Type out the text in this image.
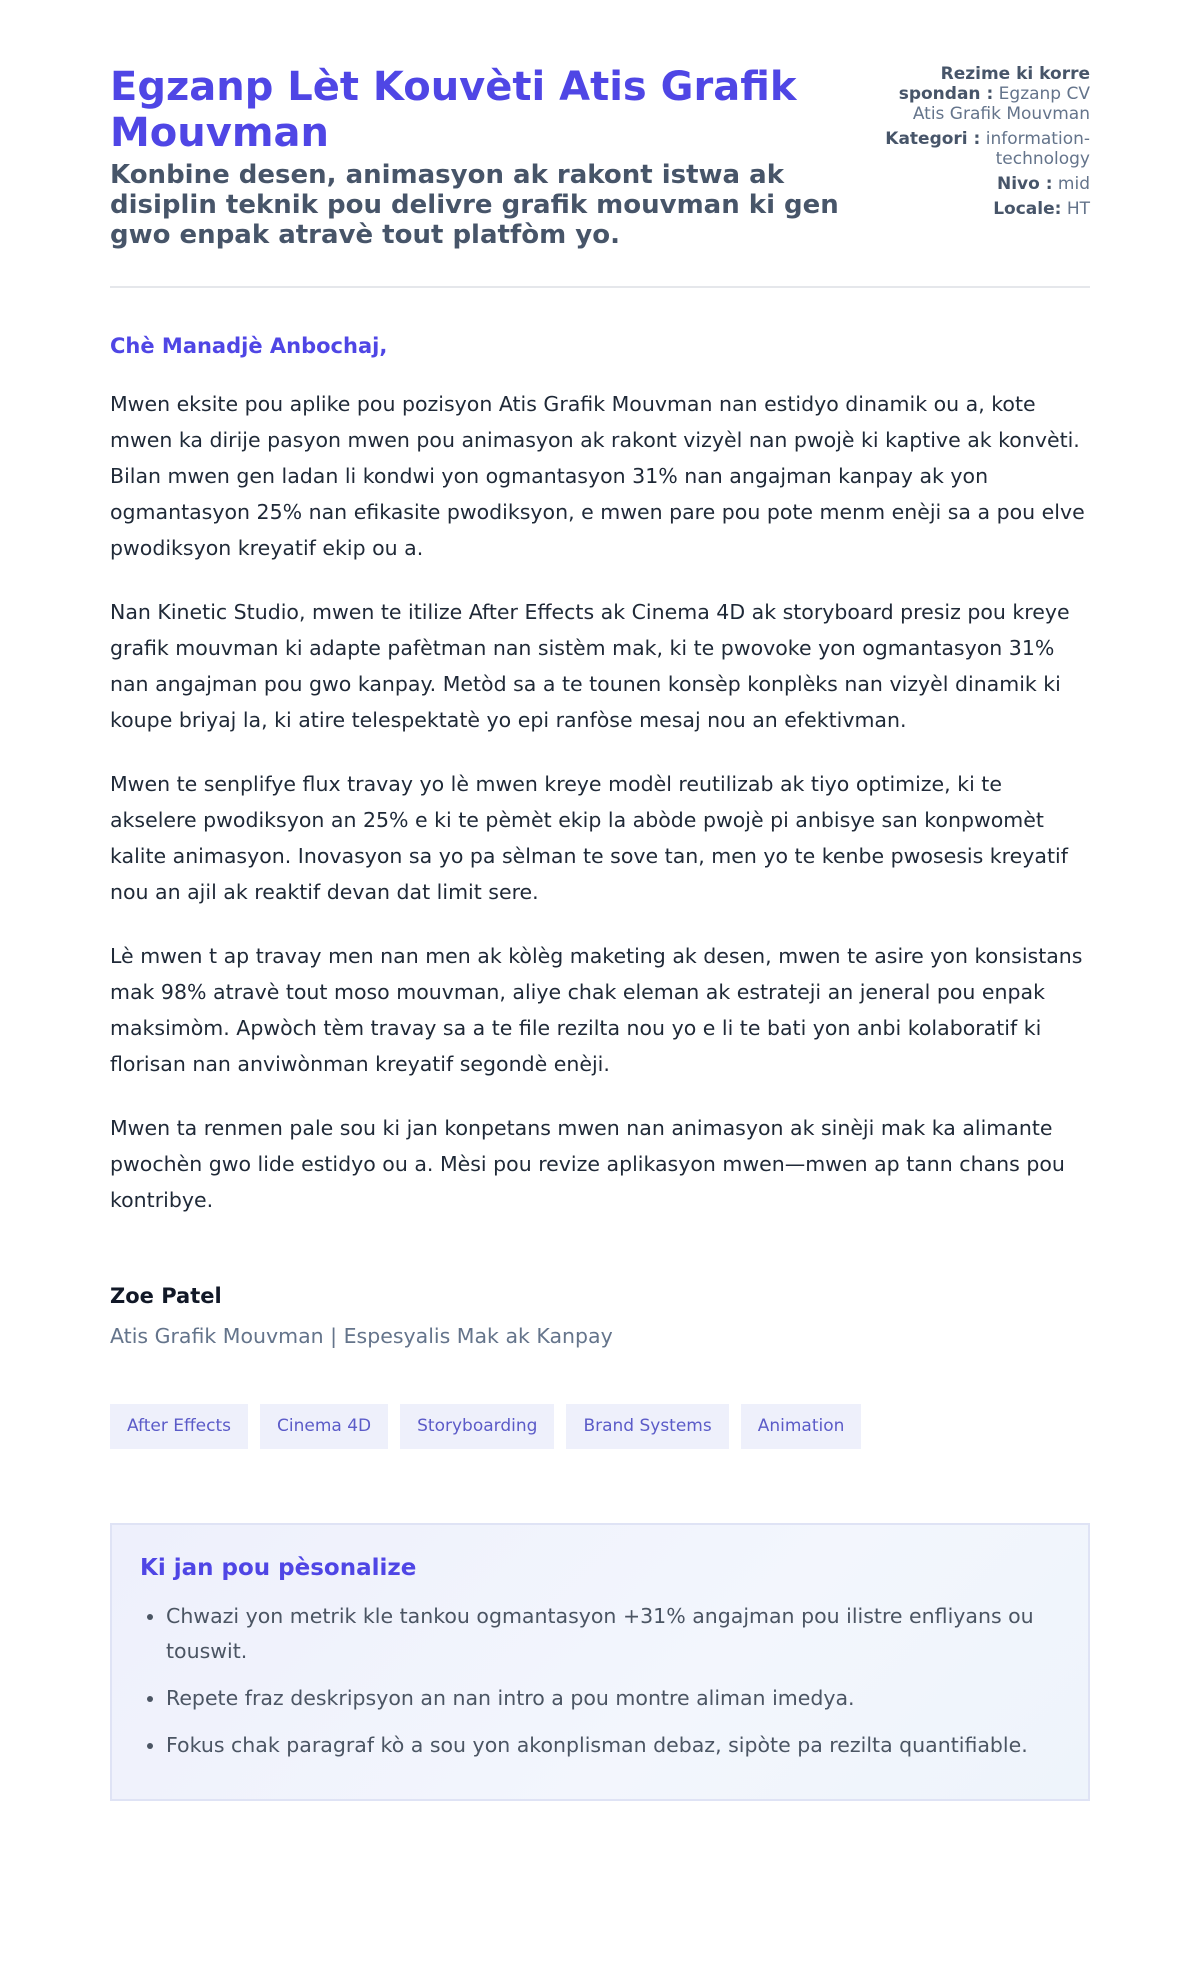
Egzanp Lèt Kouvèti Atis Grafik Mouvman

Konbine desen, animasyon ak rakont istwa ak disiplin teknik pou delivre grafik mouvman ki gen gwo enpak atravè tout platfòm yo.

Rezime ki korre spondan : Egzanp CV Atis Grafik Mouvman
Kategori : information-technology
Nivo : mid
Locale: HT
Chè Manadjè Anbochaj,

Mwen eksite pou aplike pou pozisyon Atis Grafik Mouvman nan estidyo dinamik ou a, kote mwen ka dirije pasyon mwen pou animasyon ak rakont vizyèl nan pwojè ki kaptive ak konvèti. Bilan mwen gen ladan li kondwi yon ogmantasyon 31% nan angajman kanpay ak yon ogmantasyon 25% nan efikasite pwodiksyon, e mwen pare pou pote menm enèji sa a pou elve pwodiksyon kreyatif ekip ou a.

Nan Kinetic Studio, mwen te itilize After Effects ak Cinema 4D ak storyboard presiz pou kreye grafik mouvman ki adapte pafètman nan sistèm mak, ki te pwovoke yon ogmantasyon 31% nan angajman pou gwo kanpay. Metòd sa a te tounen konsèp konplèks nan vizyèl dinamik ki koupe briyaj la, ki atire telespektatè yo epi ranfòse mesaj nou an efektivman.

Mwen te senplifye flux travay yo lè mwen kreye modèl reutilizab ak tiyo optimize, ki te akselere pwodiksyon an 25% e ki te pèmèt ekip la abòde pwojè pi anbisye san konpwomèt kalite animasyon. Inovasyon sa yo pa sèlman te sove tan, men yo te kenbe pwosesis kreyatif nou an ajil ak reaktif devan dat limit sere.

Lè mwen t ap travay men nan men ak kòlèg maketing ak desen, mwen te asire yon konsistans mak 98% atravè tout moso mouvman, aliye chak eleman ak estrateji an jeneral pou enpak maksimòm. Apwòch tèm travay sa a te file rezilta nou yo e li te bati yon anbi kolaboratif ki florisan nan anviwònman kreyatif segondè enèji.

Mwen ta renmen pale sou ki jan konpetans mwen nan animasyon ak sinèji mak ka alimante pwochèn gwo lide estidyo ou a. Mèsi pou revize aplikasyon mwen—mwen ap tann chans pou kontribye.

Zoe Patel
Atis Grafik Mouvman | Espesyalis Mak ak Kanpay
After Effects	Cinema 4D	Storyboarding	Brand Systems	Animation
Ki jan pou pèsonalize
• Chwazi yon metrik kle tankou ogmantasyon +31% angajman pou ilistre enfliyans ou touswit.
• Repete fraz deskripsyon an nan intro a pou montre aliman imedya.
• Fokus chak paragraf kò a sou yon akonplisman debaz, sipòte pa rezilta quantifiable.
